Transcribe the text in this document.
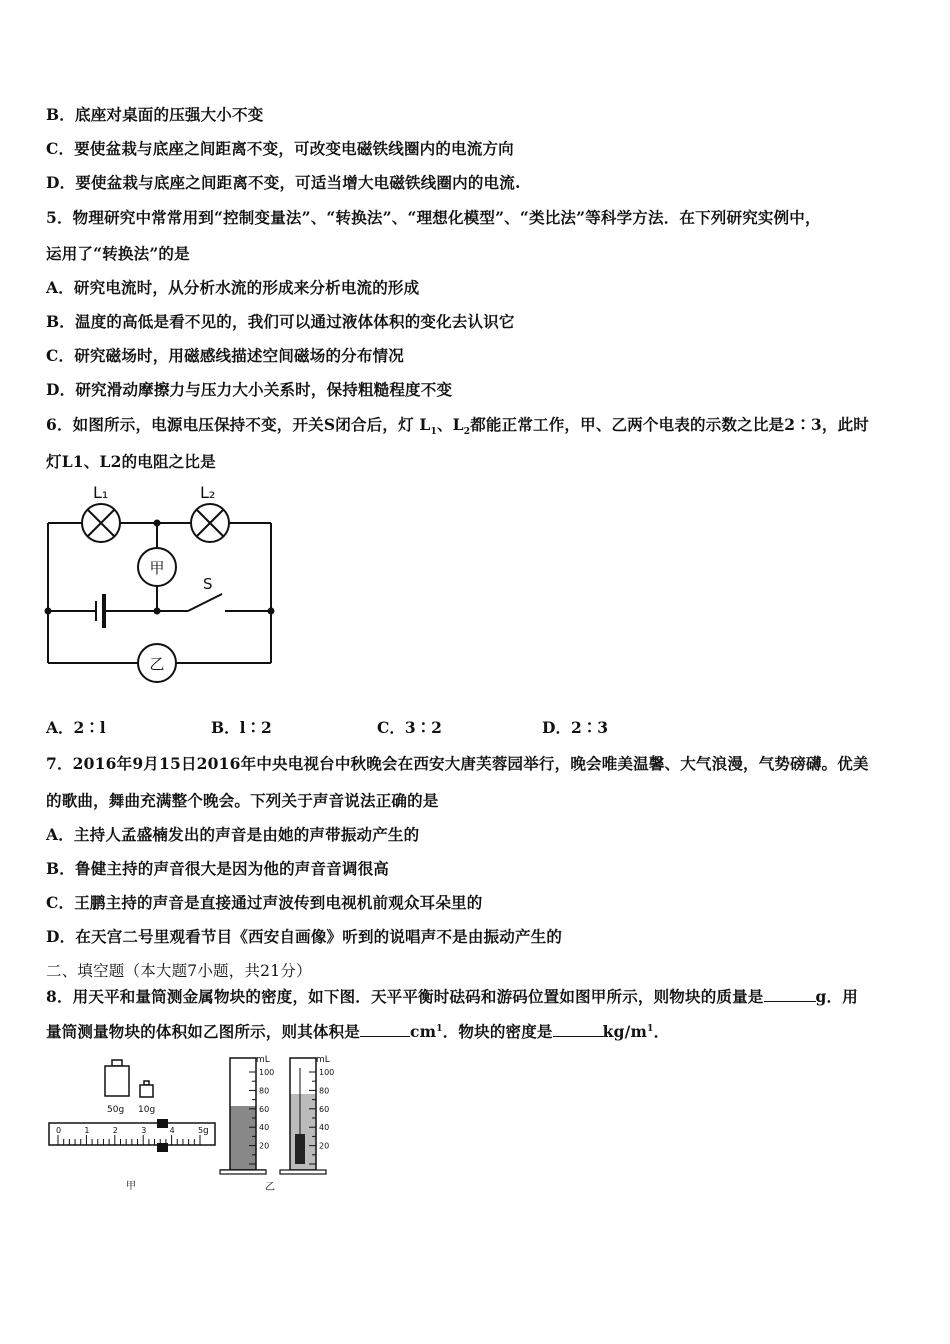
B．底座对桌面的压强大小不变
C．要使盆栽与底座之间距离不变，可改变电磁铁线圈内的电流方向
D．要使盆栽与底座之间距离不变，可适当增大电磁铁线圈内的电流.
5．物理研究中常常用到“控制变量法”、“转换法”、“理想化模型”、“类比法”等科学方法．在下列研究实例中，
运用了“转换法”的是
A．研究电流时，从分析水流的形成来分析电流的形成
B．温度的高低是看不见的，我们可以通过液体体积的变化去认识它
C．研究磁场时，用磁感线描述空间磁场的分布情况
D．研究滑动摩擦力与压力大小关系时，保持粗糙程度不变
6．如图所示，电源电压保持不变，开关S闭合后，灯 $L_1$、$L_2$都能正常工作，甲、乙两个电表的示数之比是2∶3，此时
灯L1、L2的电阻之比是
L₁	L₂
甲
乙
S
A．2∶l	B．l∶2	C．3∶2	D．2∶3
7．2016年9月15日2016年中央电视台中秋晚会在西安大唐芙蓉园举行，晚会唯美温馨、大气浪漫，气势磅礴。优美
的歌曲，舞曲充满整个晚会。下列关于声音说法正确的是
A．主持人孟盛楠发出的声音是由她的声带振动产生的
B．鲁健主持的声音很大是因为他的声音音调很高
C．王鹏主持的声音是直接通过声波传到电视机前观众耳朵里的
D．在天宫二号里观看节目《西安自画像》听到的说唱声不是由振动产生的
二、填空题（本大题7小题，共21分）
8．用天平和量筒测金属物块的密度，如下图．天平平衡时砝码和游码位置如图甲所示，则物块的质量是	g．用
量筒测量物块的体积如乙图所示，则其体积是	$cm^1$．物块的密度是	$kg/m^1$．
50g 10g
0	1	2	3	4	5 g
甲
100
80
60
40
20
mL
100
80
60
40
20
mL
乙
